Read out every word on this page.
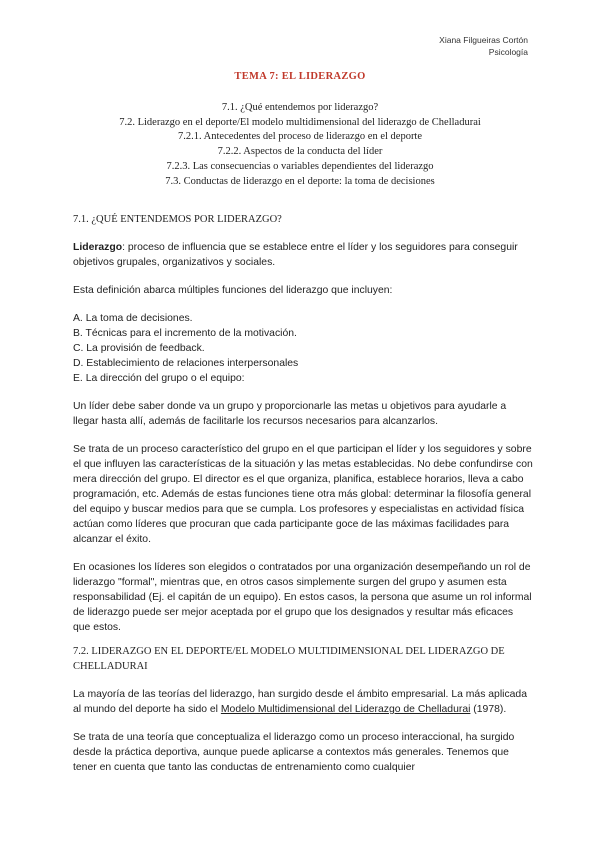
Xiana Filgueiras Cortón
Psicología
TEMA 7: EL LIDERAZGO
7.1. ¿Qué entendemos por liderazgo?
7.2. Liderazgo en el deporte/El modelo multidimensional del liderazgo de Chelladurai
7.2.1. Antecedentes del proceso de liderazgo en el deporte
7.2.2. Aspectos de la conducta del líder
7.2.3. Las consecuencias o variables dependientes del liderazgo
7.3. Conductas de liderazgo en el deporte: la toma de decisiones
7.1. ¿QUÉ ENTENDEMOS POR LIDERAZGO?

Liderazgo: proceso de influencia que se establece entre el líder y los seguidores para conseguir objetivos grupales, organizativos y sociales.

Esta definición abarca múltiples funciones del liderazgo que incluyen:

A. La toma de decisiones.
B. Técnicas para el incremento de la motivación.
C. La provisión de feedback.
D. Establecimiento de relaciones interpersonales
E. La dirección del grupo o el equipo:

Un líder debe saber donde va un grupo y proporcionarle las metas u objetivos para ayudarle a llegar hasta allí, además de facilitarle los recursos necesarios para alcanzarlos.

Se trata de un proceso característico del grupo en el que participan el líder y los seguidores y sobre el que influyen las características de la situación y las metas establecidas. No debe confundirse con mera dirección del grupo. El director es el que organiza, planifica, establece horarios, lleva a cabo programación, etc. Además de estas funciones tiene otra más global: determinar la filosofía general del equipo y buscar medios para que se cumpla. Los profesores y especialistas en actividad física actúan como líderes que procuran que cada participante goce de las máximas facilidades para alcanzar el éxito.

En ocasiones los líderes son elegidos o contratados por una organización desempeñando un rol de liderazgo "formal", mientras que, en otros casos simplemente surgen del grupo y asumen esta responsabilidad (Ej. el capitán de un equipo). En estos casos, la persona que asume un rol informal de liderazgo puede ser mejor aceptada por el grupo que los designados y resultar más eficaces que estos.

7.2. LIDERAZGO EN EL DEPORTE/EL MODELO MULTIDIMENSIONAL DEL LIDERAZGO DE CHELLADURAI

La mayoría de las teorías del liderazgo, han surgido desde el ámbito empresarial. La más aplicada al mundo del deporte ha sido el Modelo Multidimensional del Liderazgo de Chelladurai (1978).

Se trata de una teoría que conceptualiza el liderazgo como un proceso interaccional, ha surgido desde la práctica deportiva, aunque puede aplicarse a contextos más generales. Tenemos que tener en cuenta que tanto las conductas de entrenamiento como cualquier
